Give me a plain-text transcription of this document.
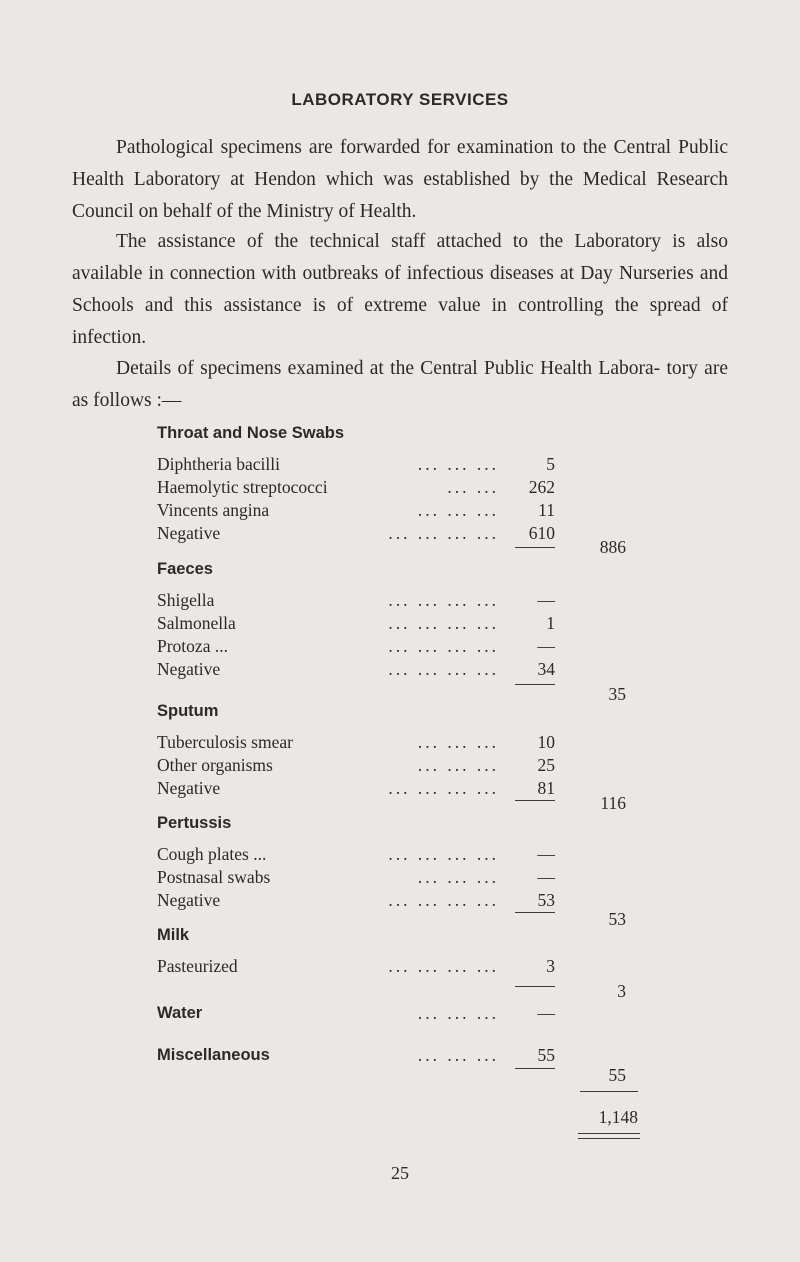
LABORATORY SERVICES

Pathological specimens are forwarded for examination to the Central Public Health Laboratory at Hendon which was established by the Medical Research Council on behalf of the Ministry of Health.

The assistance of the technical staff attached to the Laboratory is also available in connection with outbreaks of infectious diseases at Day Nurseries and Schools and this assistance is of extreme value in controlling the spread of infection.

Details of specimens examined at the Central Public Health Labora- tory are as follows :—

Throat and Nose Swabs
Diphtheria bacilli	... ... ...	5
Haemolytic streptococci	... ... 262
Vincents angina	... ... ... 11
Negative	... ... ... ... 610
886
Faeces
Shigella	... ... ... ... —
Salmonella	... ... ... ...	1
Protoza ...	... ... ... ... —
Negative	... ... ... ... 34
35
Sputum
Tuberculosis smear	... ... ... 10
Other organisms	... ... ... 25
Negative	... ... ... ... 81
116
Pertussis
Cough plates ...	... ... ... ... —
Postnasal swabs	... ... ... —
Negative	... ... ... ... 53
53
Milk
Pasteurized	... ... ... ...	3
3
Water	... ... ... —
Miscellaneous	... ... ... 55
55
1,148
25
